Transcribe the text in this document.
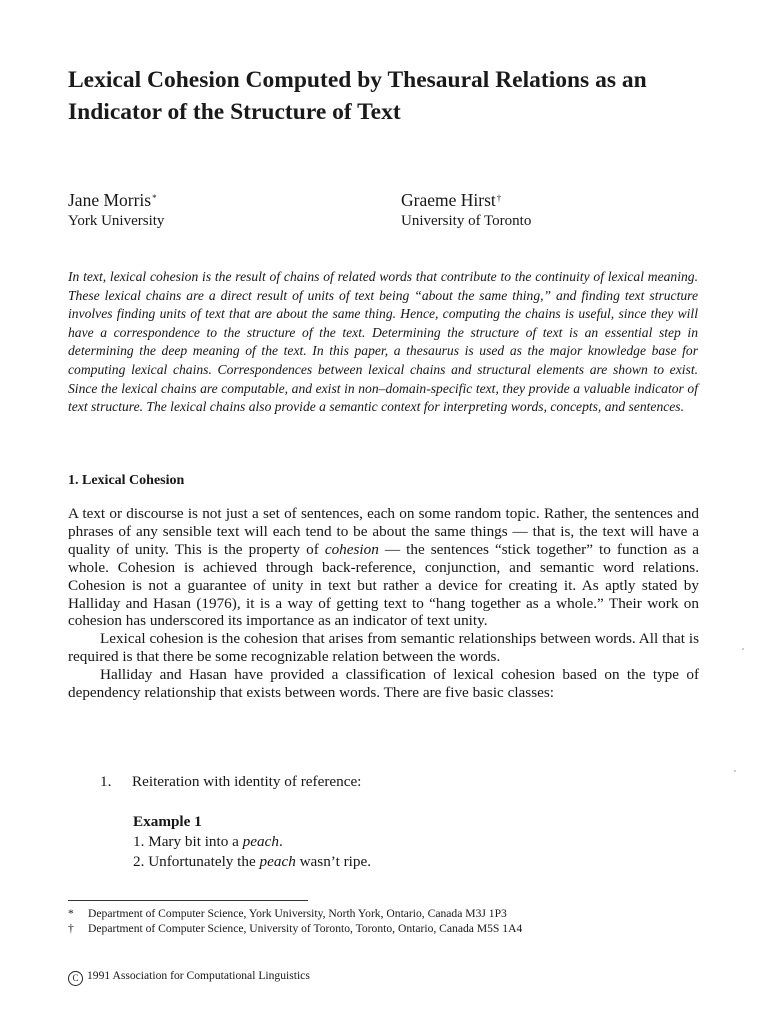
Lexical Cohesion Computed by Thesaural Relations as an Indicator of the Structure of Text
Jane Morris*
York University
Graeme Hirst†
University of Toronto
In text, lexical cohesion is the result of chains of related words that contribute to the continuity of lexical meaning. These lexical chains are a direct result of units of text being “about the same thing,” and finding text structure involves finding units of text that are about the same thing. Hence, computing the chains is useful, since they will have a correspondence to the structure of the text. Determining the structure of text is an essential step in determining the deep meaning of the text. In this paper, a thesaurus is used as the major knowledge base for computing lexical chains. Correspondences between lexical chains and structural elements are shown to exist. Since the lexical chains are computable, and exist in non–domain-specific text, they provide a valuable indicator of text structure. The lexical chains also provide a semantic context for interpreting words, concepts, and sentences.
1. Lexical Cohesion

A text or discourse is not just a set of sentences, each on some random topic. Rather, the sentences and phrases of any sensible text will each tend to be about the same things — that is, the text will have a quality of unity. This is the property of cohesion — the sentences “stick together” to function as a whole. Cohesion is achieved through back-reference, conjunction, and semantic word relations. Cohesion is not a guarantee of unity in text but rather a device for creating it. As aptly stated by Halliday and Hasan (1976), it is a way of getting text to “hang together as a whole.” Their work on cohesion has underscored its importance as an indicator of text unity.

Lexical cohesion is the cohesion that arises from semantic relationships between words. All that is required is that there be some recognizable relation between the words.

Halliday and Hasan have provided a classification of lexical cohesion based on the type of dependency relationship that exists between words. There are five basic classes:

1. Reiteration with identity of reference:
Example 1
1. Mary bit into a peach.
2. Unfortunately the peach wasn’t ripe.
* Department of Computer Science, York University, North York, Ontario, Canada M3J 1P3
† Department of Computer Science, University of Toronto, Toronto, Ontario, Canada M5S 1A4
C 1991 Association for Computational Linguistics
